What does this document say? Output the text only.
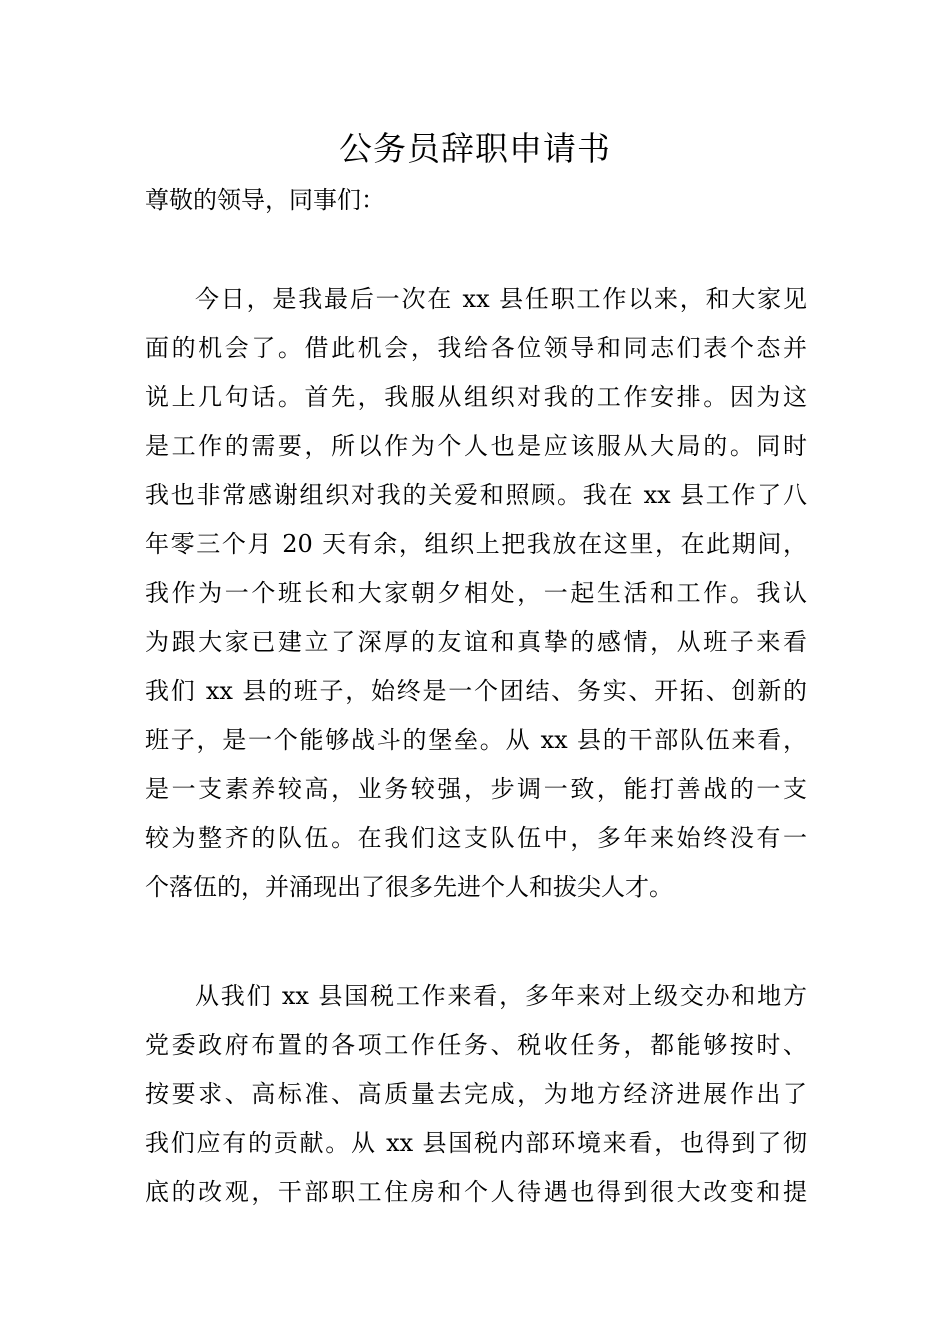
公务员辞职申请书
尊敬的领导，同事们：
今日，是我最后一次在 xx 县任职工作以来，和大家见
面的机会了。借此机会，我给各位领导和同志们表个态并
说上几句话。首先，我服从组织对我的工作安排。因为这
是工作的需要，所以作为个人也是应该服从大局的。同时
我也非常感谢组织对我的关爱和照顾。我在 xx 县工作了八
年零三个月 20 天有余，组织上把我放在这里，在此期间，
我作为一个班长和大家朝夕相处，一起生活和工作。我认
为跟大家已建立了深厚的友谊和真挚的感情，从班子来看
我们 xx 县的班子，始终是一个团结、务实、开拓、创新的
班子，是一个能够战斗的堡垒。从 xx 县的干部队伍来看，
是一支素养较高，业务较强，步调一致，能打善战的一支
较为整齐的队伍。在我们这支队伍中，多年来始终没有一
个落伍的，并涌现出了很多先进个人和拔尖人才。
从我们 xx 县国税工作来看，多年来对上级交办和地方
党委政府布置的各项工作任务、税收任务，都能够按时、
按要求、高标准、高质量去完成，为地方经济进展作出了
我们应有的贡献。从 xx 县国税内部环境来看，也得到了彻
底的改观，干部职工住房和个人待遇也得到很大改变和提
